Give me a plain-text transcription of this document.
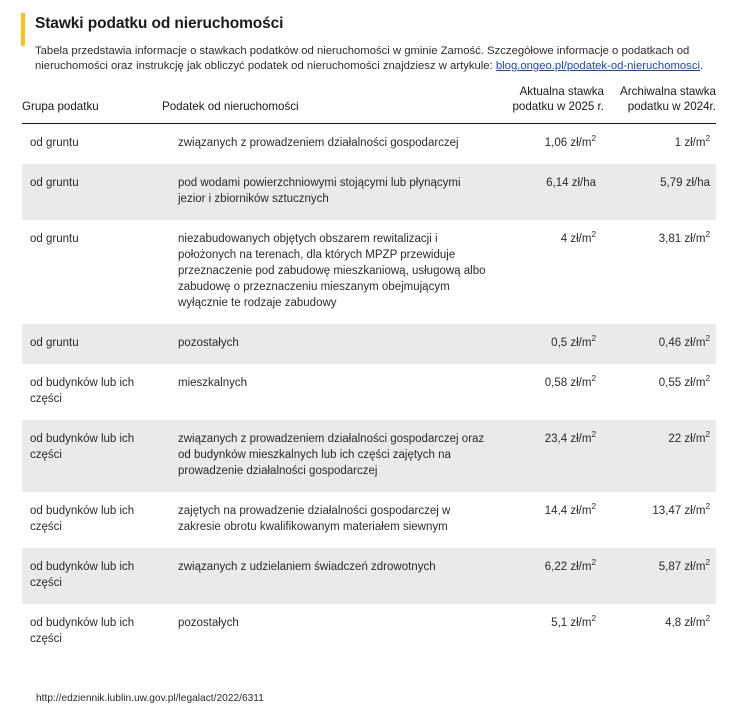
Stawki podatku od nieruchomości

Tabela przedstawia informacje o stawkach podatków od nieruchomości w gminie Zamość. Szczegółowe informacje o podatkach od nieruchomości oraz instrukcję jak obliczyć podatek od nieruchomości znajdziesz w artykule: blog.ongeo.pl/podatek-od-nieruchomosci.

Grupa podatku	Podatek od nieruchomości	Aktualna stawka podatku w 2025 r.	Archiwalna stawka podatku w 2024r.
od gruntu	związanych z prowadzeniem działalności gospodarczej	1,06 $zł/m^2$	1 $zł/m^2$
od gruntu	pod wodami powierzchniowymi stojącymi lub płynącymi jezior i zbiorników sztucznych	6,14 zł/ha	5,79 zł/ha
od gruntu	niezabudowanych objętych obszarem rewitalizacji i położonych na terenach, dla których MPZP przewiduje przeznaczenie pod zabudowę mieszkaniową, usługową albo zabudowę o przeznaczeniu mieszanym obejmującym wyłącznie te rodzaje zabudowy	4 $zł/m^2$	3,81 $zł/m^2$
od gruntu	pozostałych	0,5 $zł/m^2$	0,46 $zł/m^2$
od budynków lub ich części	mieszkalnych	0,58 $zł/m^2$	0,55 $zł/m^2$
od budynków lub ich części	związanych z prowadzeniem działalności gospodarczej oraz od budynków mieszkalnych lub ich części zajętych na prowadzenie działalności gospodarczej	23,4 $zł/m^2$	22 $zł/m^2$
od budynków lub ich części	zajętych na prowadzenie działalności gospodarczej w zakresie obrotu kwalifikowanym materiałem siewnym	14,4 $zł/m^2$	13,47 $zł/m^2$
od budynków lub ich części	związanych z udzielaniem świadczeń zdrowotnych	6,22 $zł/m^2$	5,87 $zł/m^2$
od budynków lub ich części	pozostałych	5,1 $zł/m^2$	4,8 $zł/m^2$
http://edziennik.lublin.uw.gov.pl/legalact/2022/6311
